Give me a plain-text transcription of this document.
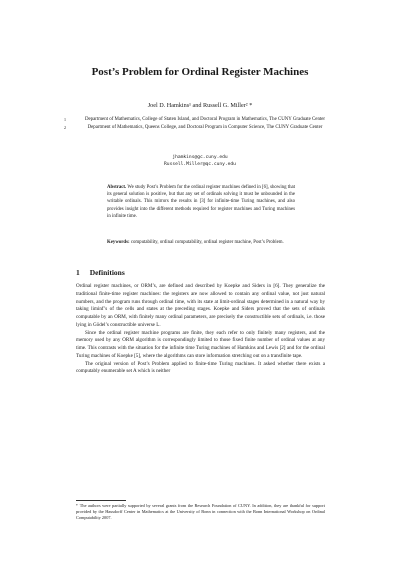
Post’s Problem for Ordinal Register Machines
Joel D. Hamkins¹ and Russell G. Miller² *
1	Department of Mathematics, College of Staten Island, and Doctoral Program in Mathematics, The CUNY Graduate Center
2	Department of Mathematics, Queens College, and Doctoral Program in Computer Science, The CUNY Graduate Center
jhamkins@gc.cuny.edu
Russell.Miller@qc.cuny.edu
Abstract. We study Post’s Problem for the ordinal register machines defined in [6], showing that its general solution is positive, but that any set of ordinals solving it must be unbounded in the writable ordinals. This mirrors the results in [3] for infinite-time Turing machines, and also provides insight into the different methods required for register machines and Turing machines in infinite time.
Keywords: computability, ordinal computability, ordinal register machine, Post’s Problem.
1 Definitions

Ordinal register machines, or ORM’s, are defined and described by Koepke and Siders in [6]. They generalize the traditional finite-time register machines: the registers are now allowed to contain any ordinal value, not just natural numbers, and the program runs through ordinal time, with its state at limit-ordinal stages determined in a natural way by taking liminf’s of the cells and states at the preceding stages. Koepke and Siders proved that the sets of ordinals computable by an ORM, with finitely many ordinal parameters, are precisely the constructible sets of ordinals, i.e. those lying in Gödel’s constructible universe L.

Since the ordinal register machine programs are finite, they each refer to only finitely many registers, and the memory used by any ORM algorithm is correspondingly limited to those fixed finite number of ordinal values at any time. This contrasts with the situation for the infinite time Turing machines of Hamkins and Lewis [2] and for the ordinal Turing machines of Koepke [5], where the algorithms can store information stretching out on a transfinite tape.

The original version of Post’s Problem applied to finite-time Turing machines. It asked whether there exists a computably enumerable set A which is neither

* The authors were partially supported by several grants from the Research Foundation of CUNY. In addition, they are thankful for support provided by the Hausdorff Center in Mathematics at the University of Bonn in connection with the Bonn International Workshop on Ordinal Computability 2007.
